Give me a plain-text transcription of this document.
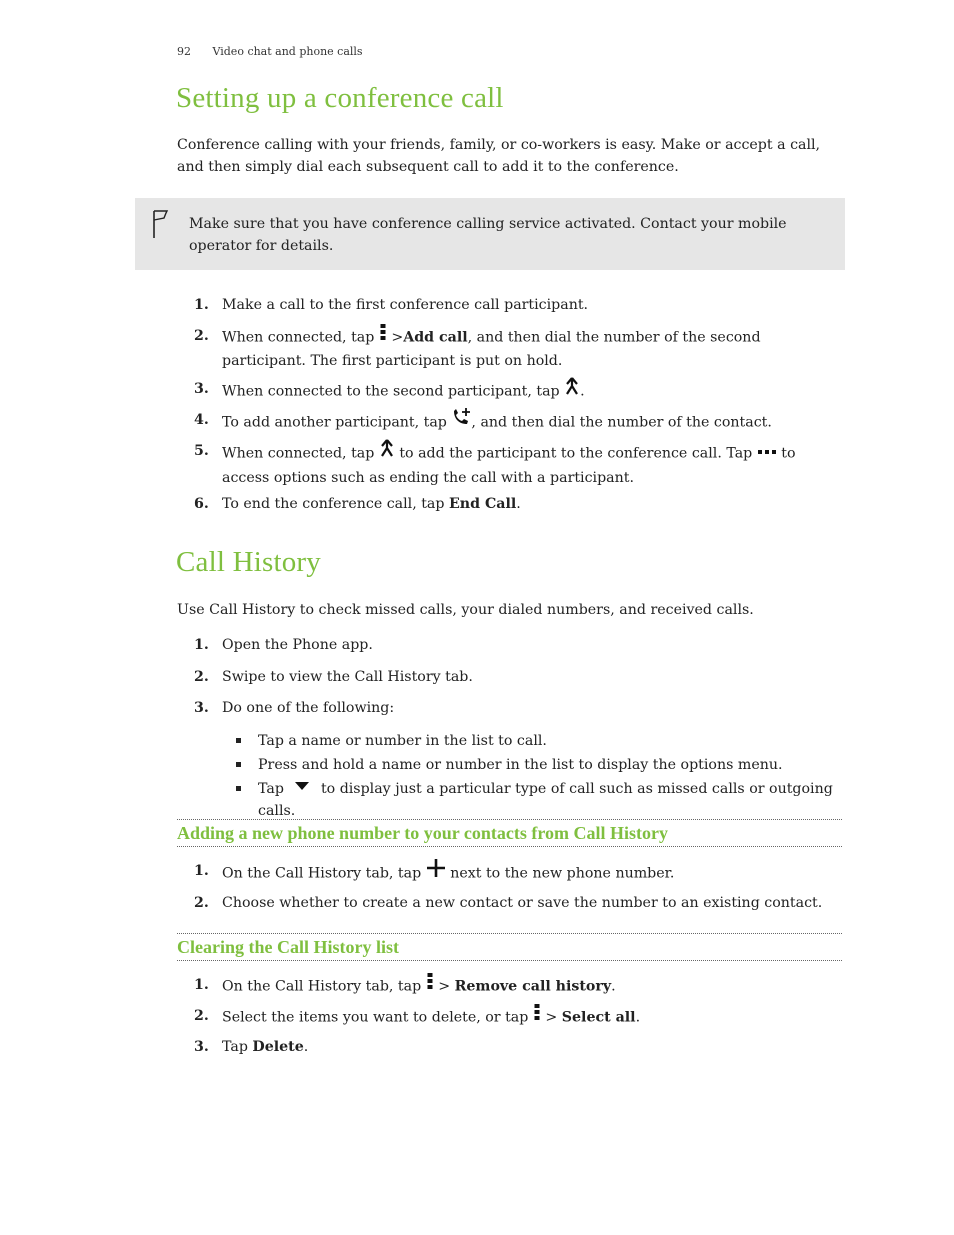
92 Video chat and phone calls
Setting up a conference call

Conference calling with your friends, family, or co-workers is easy. Make or accept a call, and then simply dial each subsequent call to add it to the conference.

Make sure that you have conference calling service activated. Contact your mobile operator for details.
1. Make a call to the first conference call participant.
2. When connected, tap >Add call, and then dial the number of the second participant. The first participant is put on hold.
3. When connected to the second participant, tap .
4. To add another participant, tap , and then dial the number of the contact.
5. When connected, tap to add the participant to the conference call. Tap to access options such as ending the call with a participant.
6. To end the conference call, tap End Call.
Call History

Use Call History to check missed calls, your dialed numbers, and received calls.

1. Open the Phone app.
2. Swipe to view the Call History tab.
3. Do one of the following:
Tap a name or number in the list to call.
Press and hold a name or number in the list to display the options menu.
Tap	to display just a particular type of call such as missed calls or outgoing calls.
Adding a new phone number to your contacts from Call History
1. On the Call History tab, tap next to the new phone number.
2. Choose whether to create a new contact or save the number to an existing contact.
Clearing the Call History list
1. On the Call History tab, tap > Remove call history.
2. Select the items you want to delete, or tap > Select all.
3. Tap Delete.
